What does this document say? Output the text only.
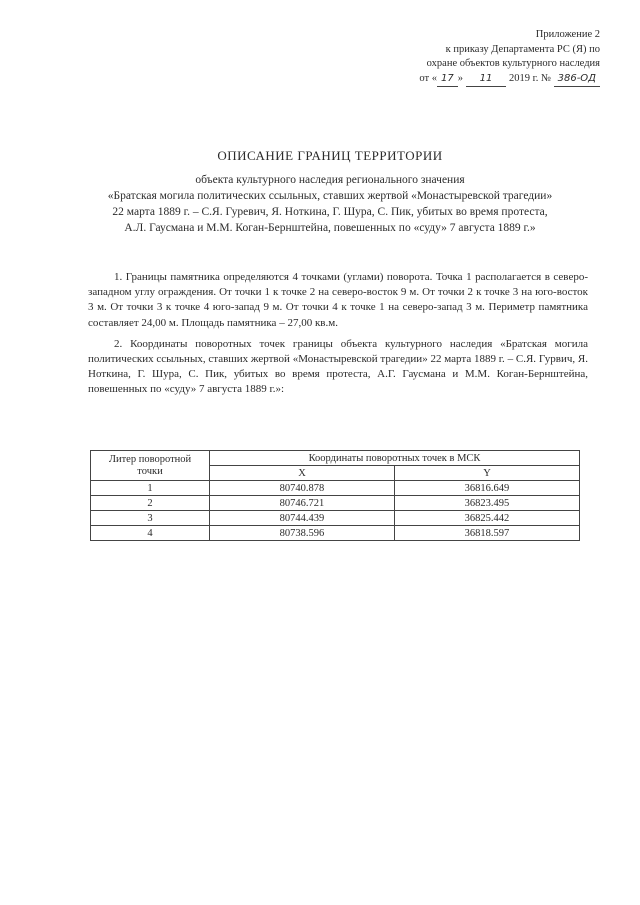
Приложение 2
к приказу Департамента РС (Я) по
охране объектов культурного наследия
от « 17 » 11 2019 г. № 386-ОД
ОПИСАНИЕ ГРАНИЦ ТЕРРИТОРИИ

объекта культурного наследия регионального значения
«Братская могила политических ссыльных, ставших жертвой «Монастыревской трагедии»
22 марта 1889 г. – С.Я. Гуревич, Я. Ноткина, Г. Шура, С. Пик, убитых во время протеста,
А.Л. Гаусмана и М.М. Коган-Бернштейна, повешенных по «суду» 7 августа 1889 г.»

1. Границы памятника определяются 4 точками (углами) поворота. Точка 1 располагается в северо-западном углу ограждения. От точки 1 к точке 2 на северо-восток 9 м. От точки 2 к точке 3 на юго-восток 3 м. От точки 3 к точке 4 юго-запад 9 м. От точки 4 к точке 1 на северо-запад 3 м. Периметр памятника составляет 24,00 м. Площадь памятника – 27,00 кв.м.

2. Координаты поворотных точек границы объекта культурного наследия «Братская могила политических ссыльных, ставших жертвой «Монастыревской трагедии» 22 марта 1889 г. – С.Я. Гурвич, Я. Ноткина, Г. Шура, С. Пик, убитых во время протеста, А.Г. Гаусмана и М.М. Коган-Бернштейна, повешенных по «суду» 7 августа 1889 г.»:

Литер поворотной точки	Координаты поворотных точек в МСК	
	X	Y
1	80740.878	36816.649
2	80746.721	36823.495
3	80744.439	36825.442
4	80738.596	36818.597
